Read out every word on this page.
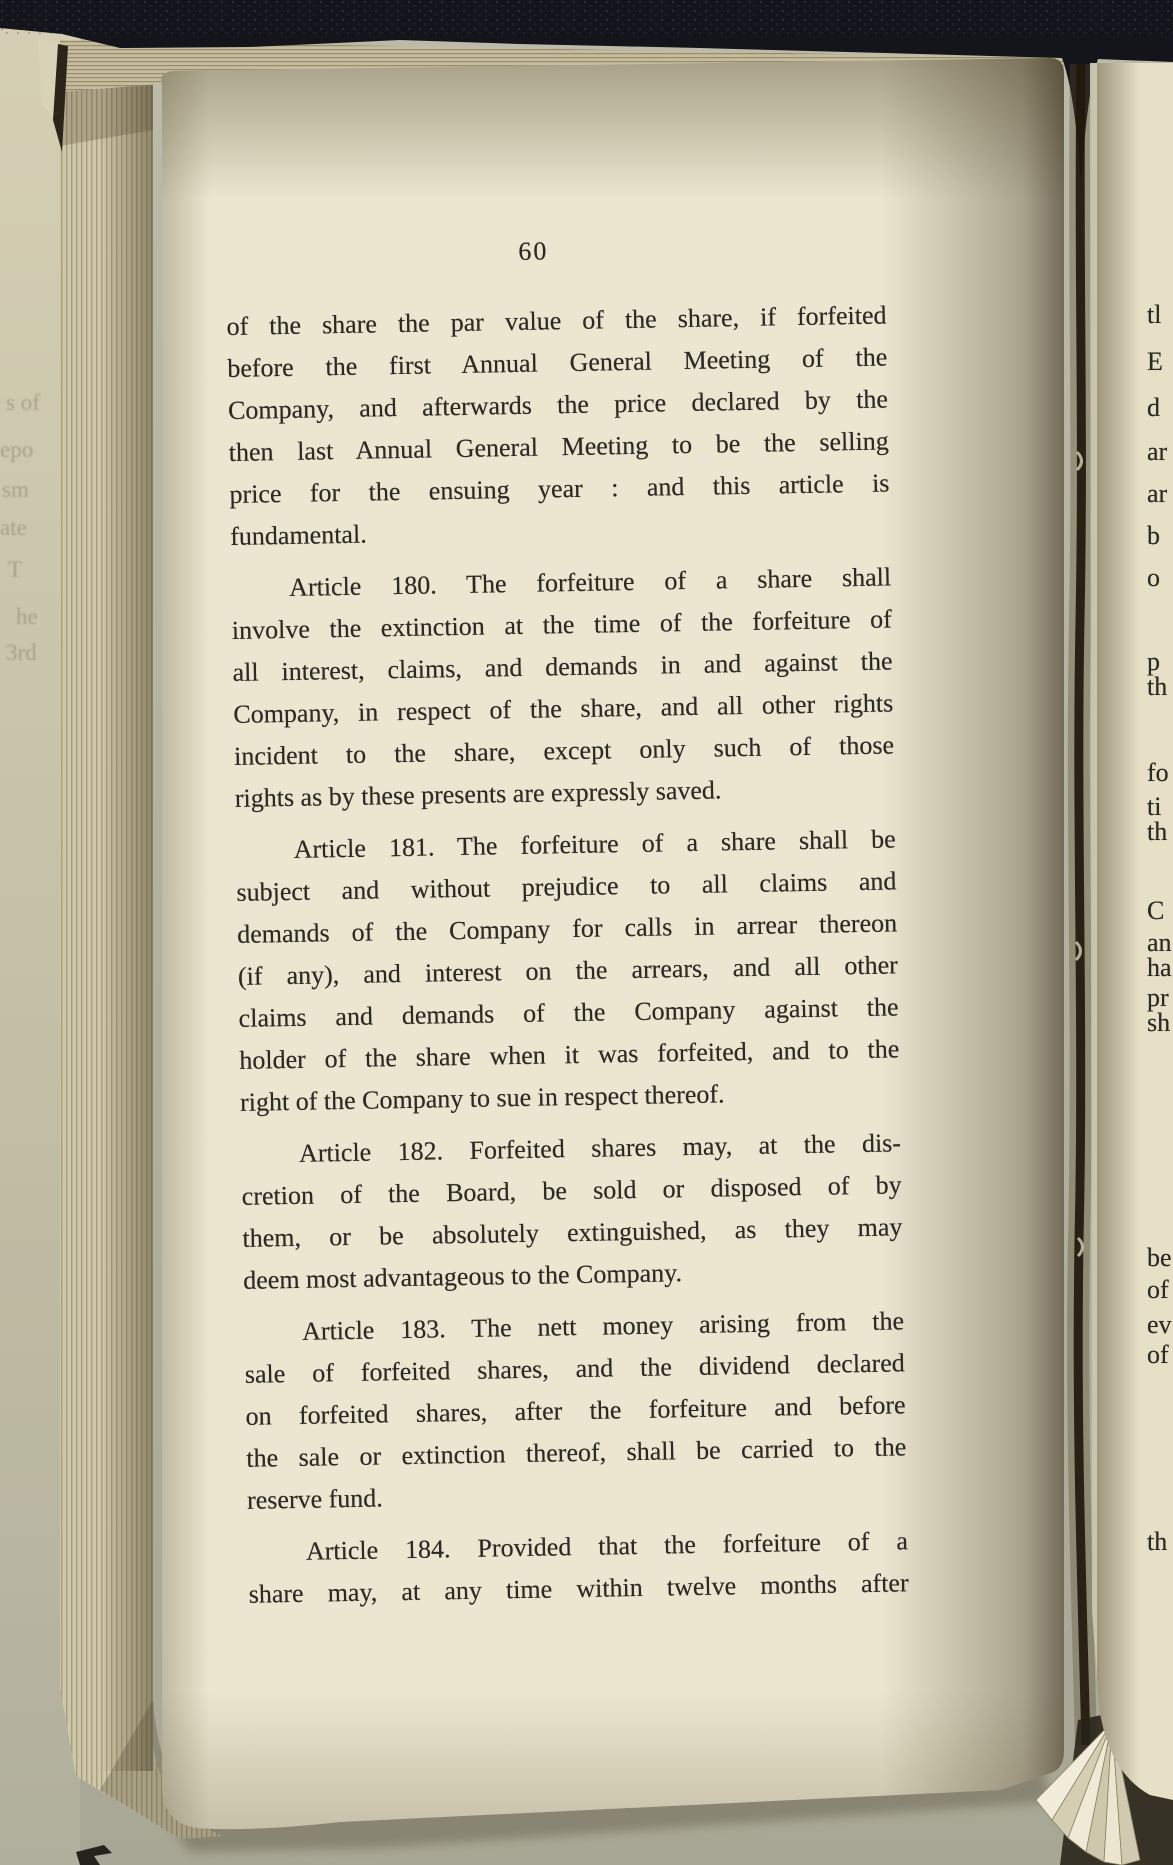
60
of the share the par value of the share, if forfeited
before the first Annual General Meeting of the
Company, and afterwards the price declared by the
then last Annual General Meeting to be the selling
price for the ensuing year : and this article is
fundamental.
Article 180. The forfeiture of a share shall
involve the extinction at the time of the forfeiture of
all interest, claims, and demands in and against the
Company, in respect of the share, and all other rights
incident to the share, except only such of those
rights as by these presents are expressly saved.
Article 181. The forfeiture of a share shall be
subject and without prejudice to all claims and
demands of the Company for calls in arrear thereon
(if any), and interest on the arrears, and all other
claims and demands of the Company against the
holder of the share when it was forfeited, and to the
right of the Company to sue in respect thereof.
Article 182. Forfeited shares may, at the dis-
cretion of the Board, be sold or disposed of by
them, or be absolutely extinguished, as they may
deem most advantageous to the Company.
Article 183. The nett money arising from the
sale of forfeited shares, and the dividend declared
on forfeited shares, after the forfeiture and before
the sale or extinction thereof, shall be carried to the
reserve fund.
Article 184. Provided that the forfeiture of a
share may, at any time within twelve months after
tl
E
d
ar
ar
b
o
p
th
fo
ti
th
C
an
ha
pr
sh
be
of
ev
of
th
s of
epo
sm
ate
T
he
3rd
